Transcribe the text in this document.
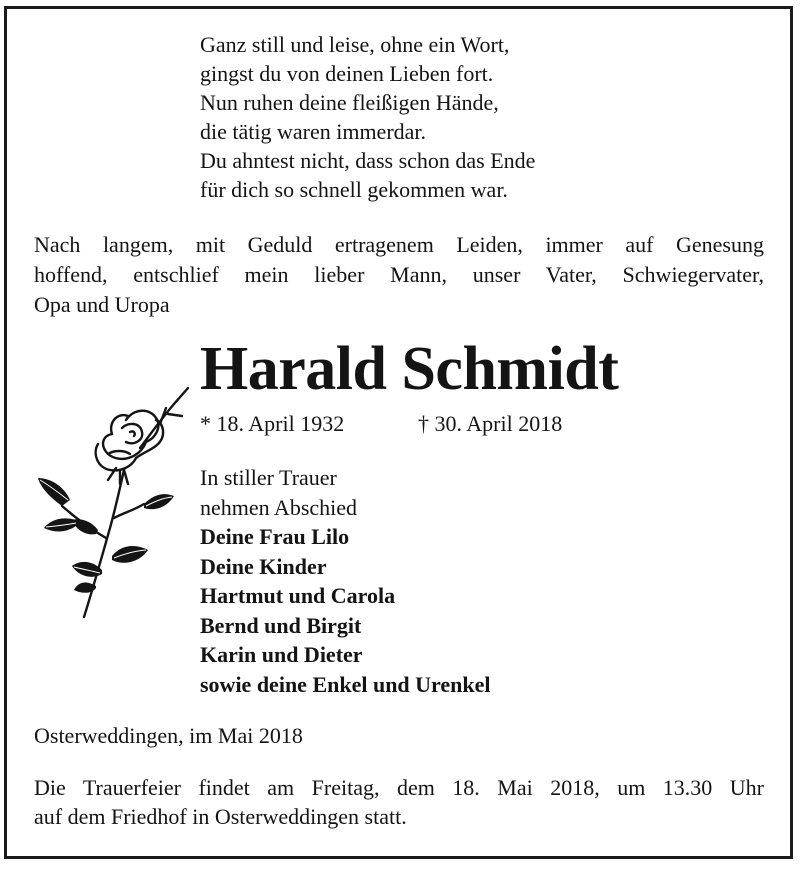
Ganz still und leise, ohne ein Wort,
gingst du von deinen Lieben fort.
Nun ruhen deine fleißigen Hände,
die tätig waren immerdar.
Du ahntest nicht, dass schon das Ende
für dich so schnell gekommen war.
Nach langem, mit Geduld ertragenem Leiden, immer auf Genesung
hoffend, entschlief mein lieber Mann, unser Vater, Schwiegervater,
Opa und Uropa
Harald Schmidt
* 18. April 1932	† 30. April 2018
In stiller Trauer
nehmen Abschied
Deine Frau Lilo
Deine Kinder
Hartmut und Carola
Bernd und Birgit
Karin und Dieter
sowie deine Enkel und Urenkel
Osterweddingen, im Mai 2018
Die Trauerfeier findet am Freitag, dem 18. Mai 2018, um 13.30 Uhr
auf dem Friedhof in Osterweddingen statt.
